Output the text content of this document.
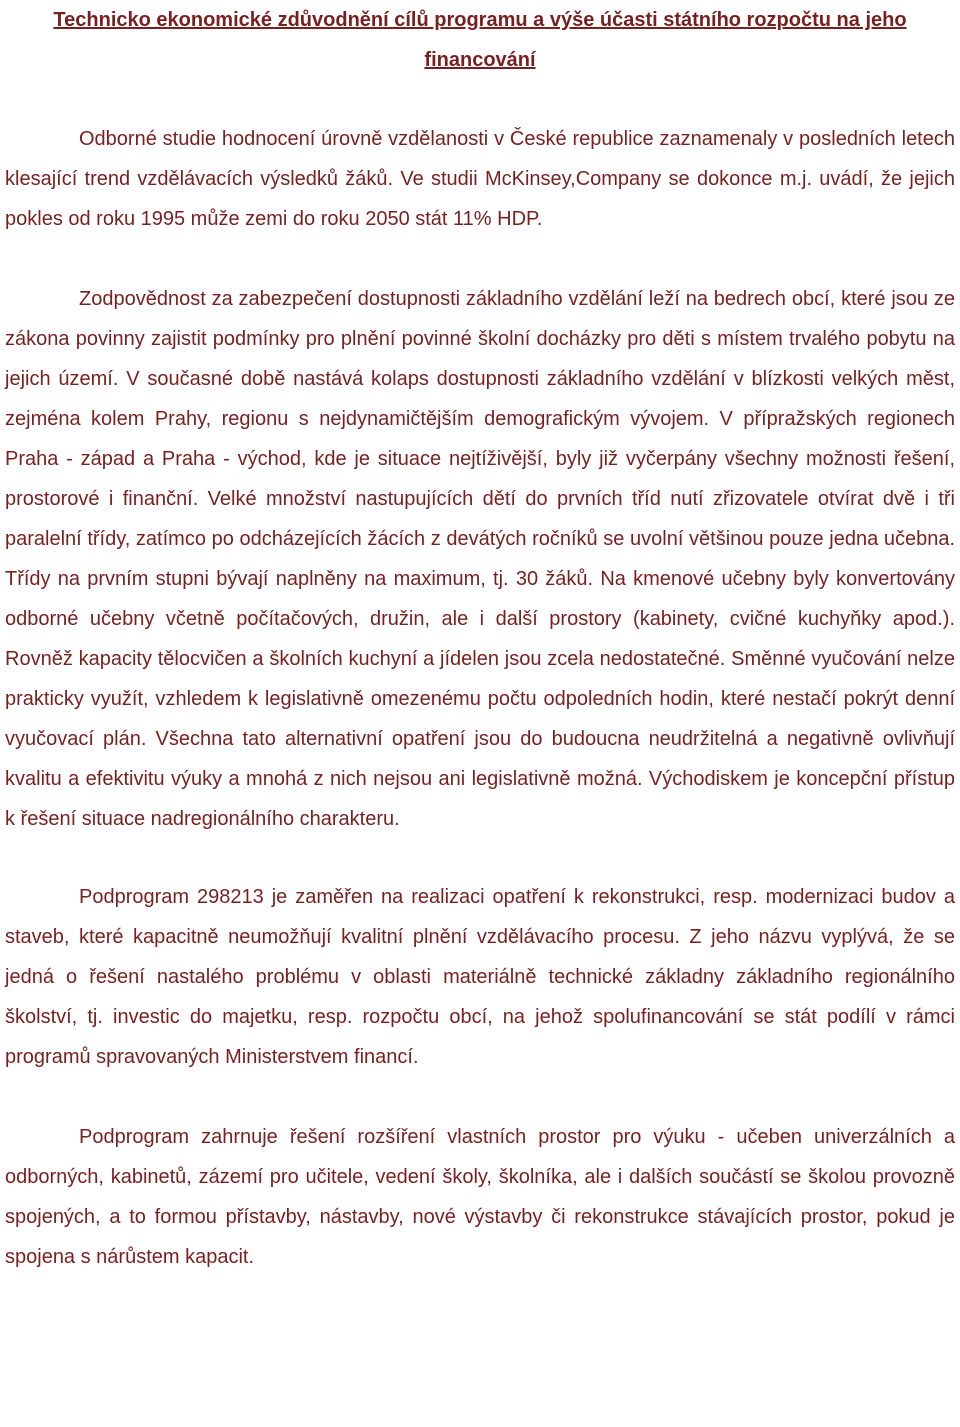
Technicko ekonomické zdůvodnění cílů programu a výše účasti státního rozpočtu na jeho financování

Odborné studie hodnocení úrovně vzdělanosti v České republice zaznamenaly v posledních letech klesající trend vzdělávacích výsledků žáků. Ve studii McKinsey,Company se dokonce m.j. uvádí, že jejich pokles od roku 1995 může zemi do roku 2050 stát 11% HDP.

Zodpovědnost za zabezpečení dostupnosti základního vzdělání leží na bedrech obcí, které jsou ze zákona povinny zajistit podmínky pro plnění povinné školní docházky pro děti s místem trvalého pobytu na jejich území. V současné době nastává kolaps dostupnosti základního vzdělání v blízkosti velkých měst, zejména kolem Prahy, regionu s nejdynamičtějším demografickým vývojem. V přípražských regionech Praha - západ a Praha - východ, kde je situace nejtíživější, byly již vyčerpány všechny možnosti řešení, prostorové i finanční. Velké množství nastupujících dětí do prvních tříd nutí zřizovatele otvírat dvě i tři paralelní třídy, zatímco po odcházejících žácích z devátých ročníků se uvolní většinou pouze jedna učebna. Třídy na prvním stupni bývají naplněny na maximum, tj. 30 žáků. Na kmenové učebny byly konvertovány odborné učebny včetně počítačových, družin, ale i další prostory (kabinety, cvičné kuchyňky apod.). Rovněž kapacity tělocvičen a školních kuchyní a jídelen jsou zcela nedostatečné. Směnné vyučování nelze prakticky využít, vzhledem k legislativně omezenému počtu odpoledních hodin, které nestačí pokrýt denní vyučovací plán. Všechna tato alternativní opatření jsou do budoucna neudržitelná a negativně ovlivňují kvalitu a efektivitu výuky a mnohá z nich nejsou ani legislativně možná. Východiskem je koncepční přístup k řešení situace nadregionálního charakteru.

Podprogram 298213 je zaměřen na realizaci opatření k rekonstrukci, resp. modernizaci budov a staveb, které kapacitně neumožňují kvalitní plnění vzdělávacího procesu. Z jeho názvu vyplývá, že se jedná o řešení nastalého problému v oblasti materiálně technické základny základního regionálního školství, tj. investic do majetku, resp. rozpočtu obcí, na jehož spolufinancování se stát podílí v rámci programů spravovaných Ministerstvem financí.

Podprogram zahrnuje řešení rozšíření vlastních prostor pro výuku - učeben univerzálních a odborných, kabinetů, zázemí pro učitele, vedení školy, školníka, ale i dalších součástí se školou provozně spojených, a to formou přístavby, nástavby, nové výstavby či rekonstrukce stávajících prostor, pokud je spojena s nárůstem kapacit.
